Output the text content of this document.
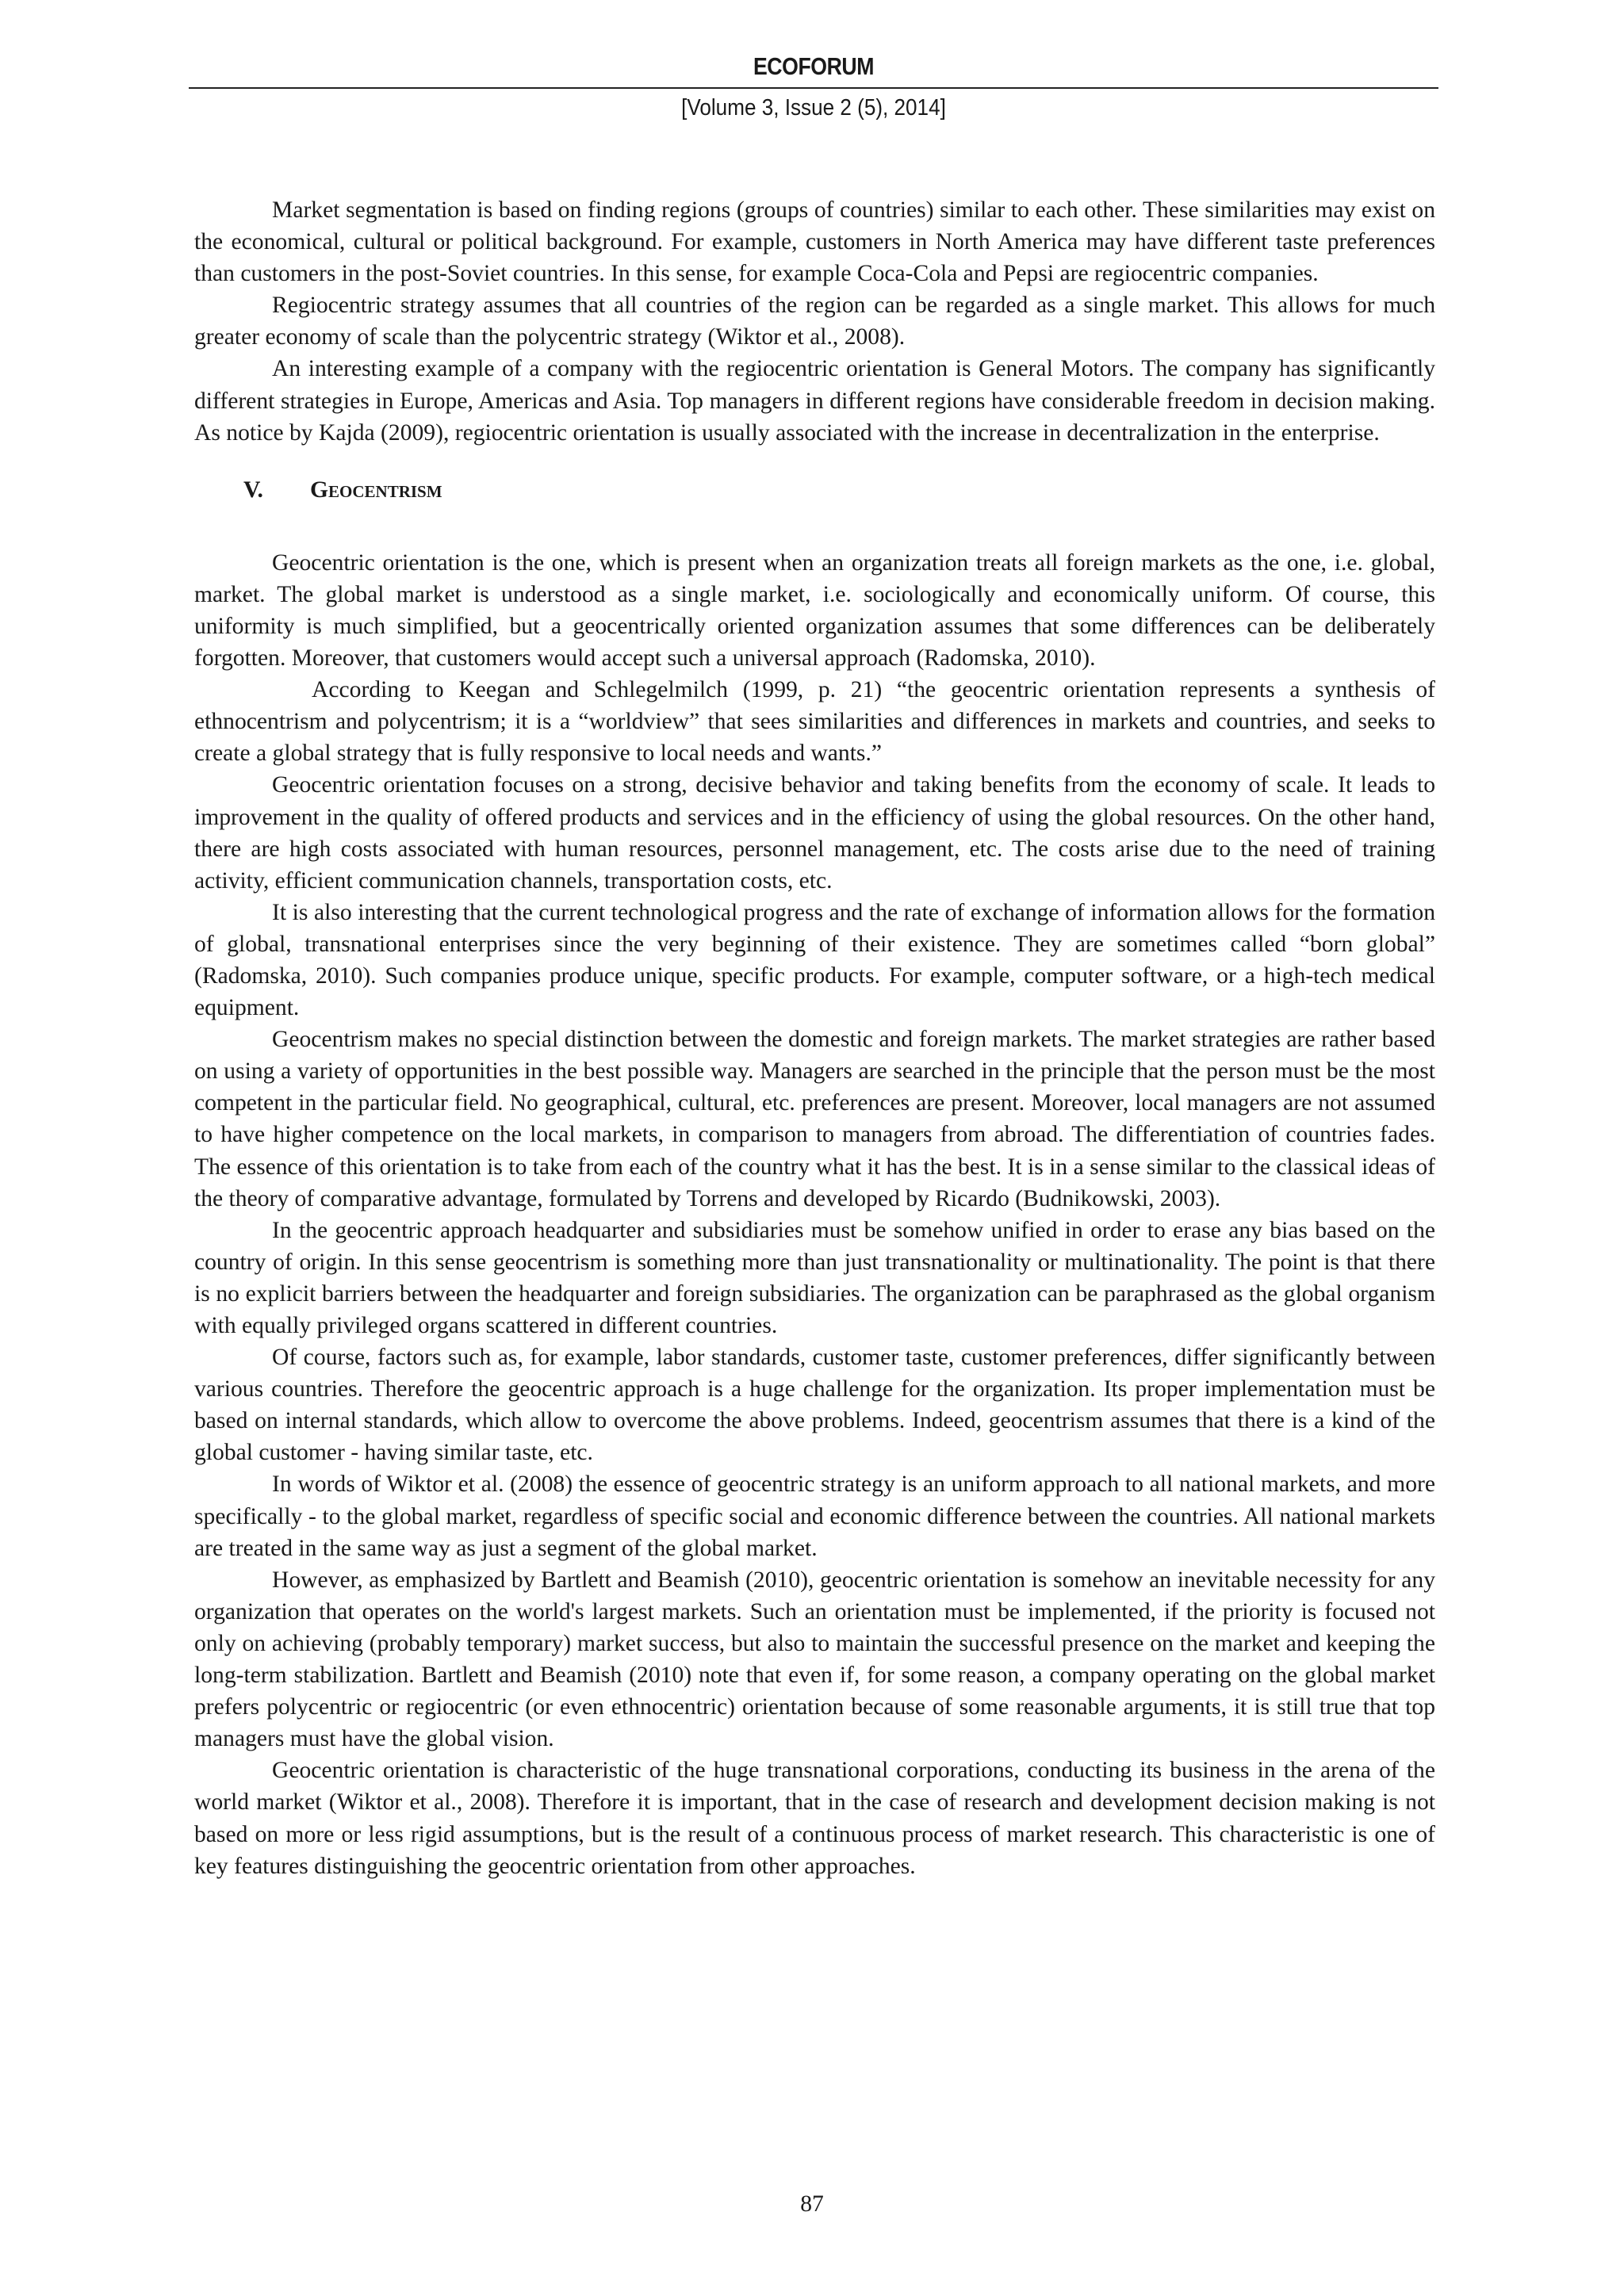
ECOFORUM
[Volume 3, Issue 2 (5), 2014]

Market segmentation is based on finding regions (groups of countries) similar to each other. These similarities may exist on the economical, cultural or political background. For example, customers in North America may have different taste preferences than customers in the post-Soviet countries. In this sense, for example Coca-Cola and Pepsi are regiocentric companies.

Regiocentric strategy assumes that all countries of the region can be regarded as a single market. This allows for much greater economy of scale than the polycentric strategy (Wiktor et al., 2008).

An interesting example of a company with the regiocentric orientation is General Motors. The company has significantly different strategies in Europe, Americas and Asia. Top managers in different regions have considerable freedom in decision making. As notice by Kajda (2009), regiocentric orientation is usually associated with the increase in decentralization in the enterprise.

V. Geocentrism

Geocentric orientation is the one, which is present when an organization treats all foreign markets as the one, i.e. global, market. The global market is understood as a single market, i.e. sociologically and economically uniform. Of course, this uniformity is much simplified, but a geocentrically oriented organization assumes that some differences can be deliberately forgotten. Moreover, that customers would accept such a universal approach (Radomska, 2010).

According to Keegan and Schlegelmilch (1999, p. 21) “the geocentric orientation represents a synthesis of ethnocentrism and polycentrism; it is a “worldview” that sees similarities and differences in markets and countries, and seeks to create a global strategy that is fully responsive to local needs and wants.”

Geocentric orientation focuses on a strong, decisive behavior and taking benefits from the economy of scale. It leads to improvement in the quality of offered products and services and in the efficiency of using the global resources. On the other hand, there are high costs associated with human resources, personnel management, etc. The costs arise due to the need of training activity, efficient communication channels, transportation costs, etc.

It is also interesting that the current technological progress and the rate of exchange of information allows for the formation of global, transnational enterprises since the very beginning of their existence. They are sometimes called “born global” (Radomska, 2010). Such companies produce unique, specific products. For example, computer software, or a high-tech medical equipment.

Geocentrism makes no special distinction between the domestic and foreign markets. The market strategies are rather based on using a variety of opportunities in the best possible way. Managers are searched in the principle that the person must be the most competent in the particular field. No geographical, cultural, etc. preferences are present. Moreover, local managers are not assumed to have higher competence on the local markets, in comparison to managers from abroad. The differentiation of countries fades. The essence of this orientation is to take from each of the country what it has the best. It is in a sense similar to the classical ideas of the theory of comparative advantage, formulated by Torrens and developed by Ricardo (Budnikowski, 2003).

In the geocentric approach headquarter and subsidiaries must be somehow unified in order to erase any bias based on the country of origin. In this sense geocentrism is something more than just transnationality or multinationality. The point is that there is no explicit barriers between the headquarter and foreign subsidiaries. The organization can be paraphrased as the global organism with equally privileged organs scattered in different countries.

Of course, factors such as, for example, labor standards, customer taste, customer preferences, differ significantly between various countries. Therefore the geocentric approach is a huge challenge for the organization. Its proper implementation must be based on internal standards, which allow to overcome the above problems. Indeed, geocentrism assumes that there is a kind of the global customer - having similar taste, etc.

In words of Wiktor et al. (2008) the essence of geocentric strategy is an uniform approach to all national markets, and more specifically - to the global market, regardless of specific social and economic difference between the countries. All national markets are treated in the same way as just a segment of the global market.

However, as emphasized by Bartlett and Beamish (2010), geocentric orientation is somehow an inevitable necessity for any organization that operates on the world's largest markets. Such an orientation must be implemented, if the priority is focused not only on achieving (probably temporary) market success, but also to maintain the successful presence on the market and keeping the long-term stabilization. Bartlett and Beamish (2010) note that even if, for some reason, a company operating on the global market prefers polycentric or regiocentric (or even ethnocentric) orientation because of some reasonable arguments, it is still true that top managers must have the global vision.

Geocentric orientation is characteristic of the huge transnational corporations, conducting its business in the arena of the world market (Wiktor et al., 2008). Therefore it is important, that in the case of research and development decision making is not based on more or less rigid assumptions, but is the result of a continuous process of market research. This characteristic is one of key features distinguishing the geocentric orientation from other approaches.

87
